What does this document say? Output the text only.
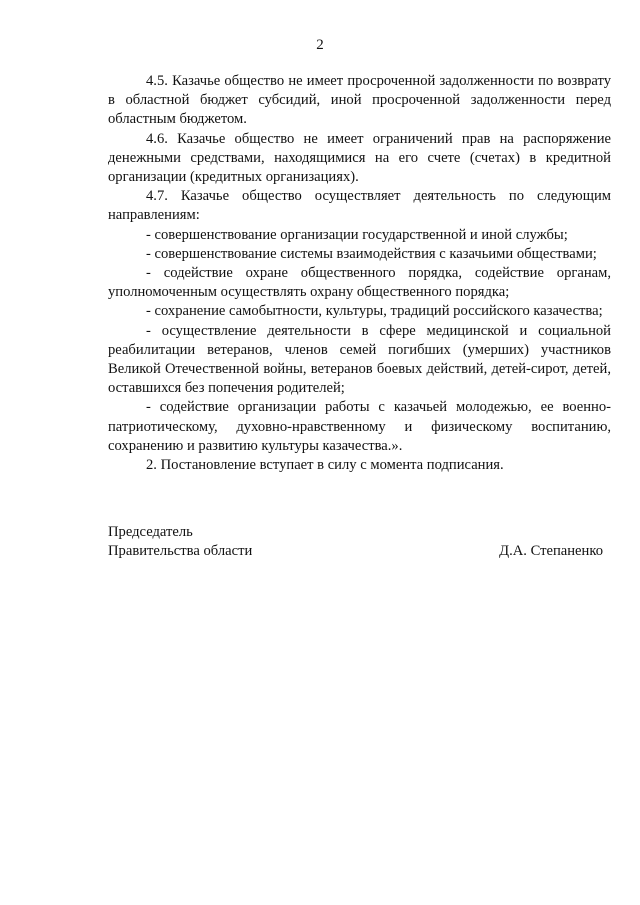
2

4.5. Казачье общество не имеет просроченной задолженности по возврату в областной бюджет субсидий, иной просроченной задолженности перед областным бюджетом.

4.6. Казачье общество не имеет ограничений прав на распоряжение денежными средствами, находящимися на его счете (счетах) в кредитной организации (кредитных организациях).

4.7. Казачье общество осуществляет деятельность по следующим направлениям:

- совершенствование организации государственной и иной службы;

- совершенствование системы взаимодействия с казачьими обществами;

- содействие охране общественного порядка, содействие органам, уполномоченным осуществлять охрану общественного порядка;

- сохранение самобытности, культуры, традиций российского казачества;

- осуществление деятельности в сфере медицинской и социальной реабилитации ветеранов, членов семей погибших (умерших) участников Великой Отечественной войны, ветеранов боевых действий, детей-сирот, детей, оставшихся без попечения родителей;

- содействие организации работы с казачьей молодежью, ее военно-патриотическому, духовно-нравственному и физическому воспитанию, сохранению и развитию культуры казачества.».

2. Постановление вступает в силу с момента подписания.

Председатель
Правительства области	Д.А. Степаненко
